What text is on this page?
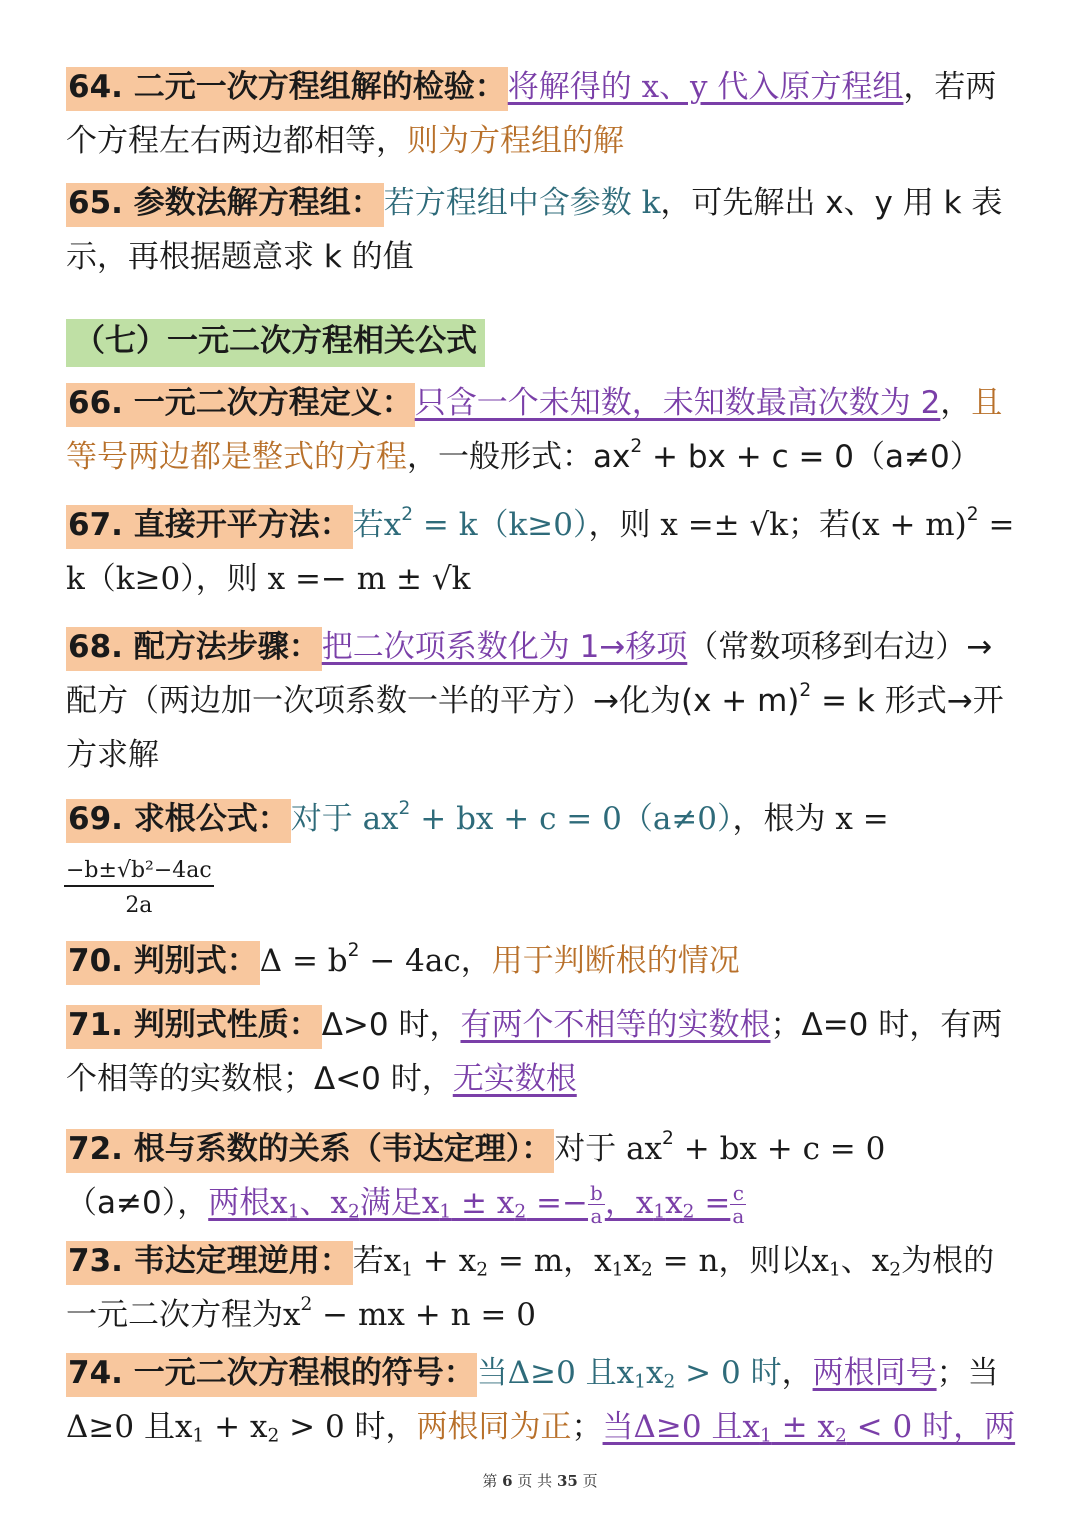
64. 二元一次方程组解的检验：将解得的 x、y 代入原方程组，若两个方程左右两边都相等，则为方程组的解
65. 参数法解方程组：若方程组中含参数 k，可先解出 x、y 用 k 表示，再根据题意求 k 的值
（七）一元二次方程相关公式
66. 一元二次方程定义：只含一个未知数，未知数最高次数为 2，且等号两边都是整式的方程，一般形式：$ax^2$ + bx + c = 0（a≠0）
67. 直接开平方法：若$x^2 = k(k\ge 0)$，则 x =± √k；若$(x + m)^2 = k(k\ge 0)$，则 x =− m ± √k
68. 配方法步骤：把二次项系数化为 1→移项（常数项移到右边）→配方（两边加一次项系数一半的平方）→化为$(x + m)^2 = k$ 形式→开方求解
69. 求根公式：对于 $ax^2$ + bx + c = 0（a≠0），根为 x =
−b±√b²−4ac
2a
70. 判别式：$\Delta = b^2 - 4ac$，用于判断根的情况
71. 判别式性质：Δ>0 时，有两个不相等的实数根；Δ=0 时，有两个相等的实数根；Δ<0 时，无实数根
72. 根与系数的关系（韦达定理）：对于 $ax^2$ + bx + c = 0
（a≠0），两根$x_1$、$x_2$满足$x_1 \pm x_2 =- \frac{b}{a}$ ，$x_1x_2 = \frac{c}{a}$
73. 韦达定理逆用：若$x_1 + x_2 = m$，$x_1x_2 = n$，则以$x_1$、$x_2$为根的一元二次方程为$x^2$ − mx + n = 0
74. 一元二次方程根的符号：当Δ≥0 且$x_1x_2 > 0$ 时，两根同号；当Δ≥0 且$x_1 + x_2 > 0$ 时，两根同为正；当Δ≥0 且$x_1 \pm x_2 < 0$ 时，两
第 6 页 共 35 页
